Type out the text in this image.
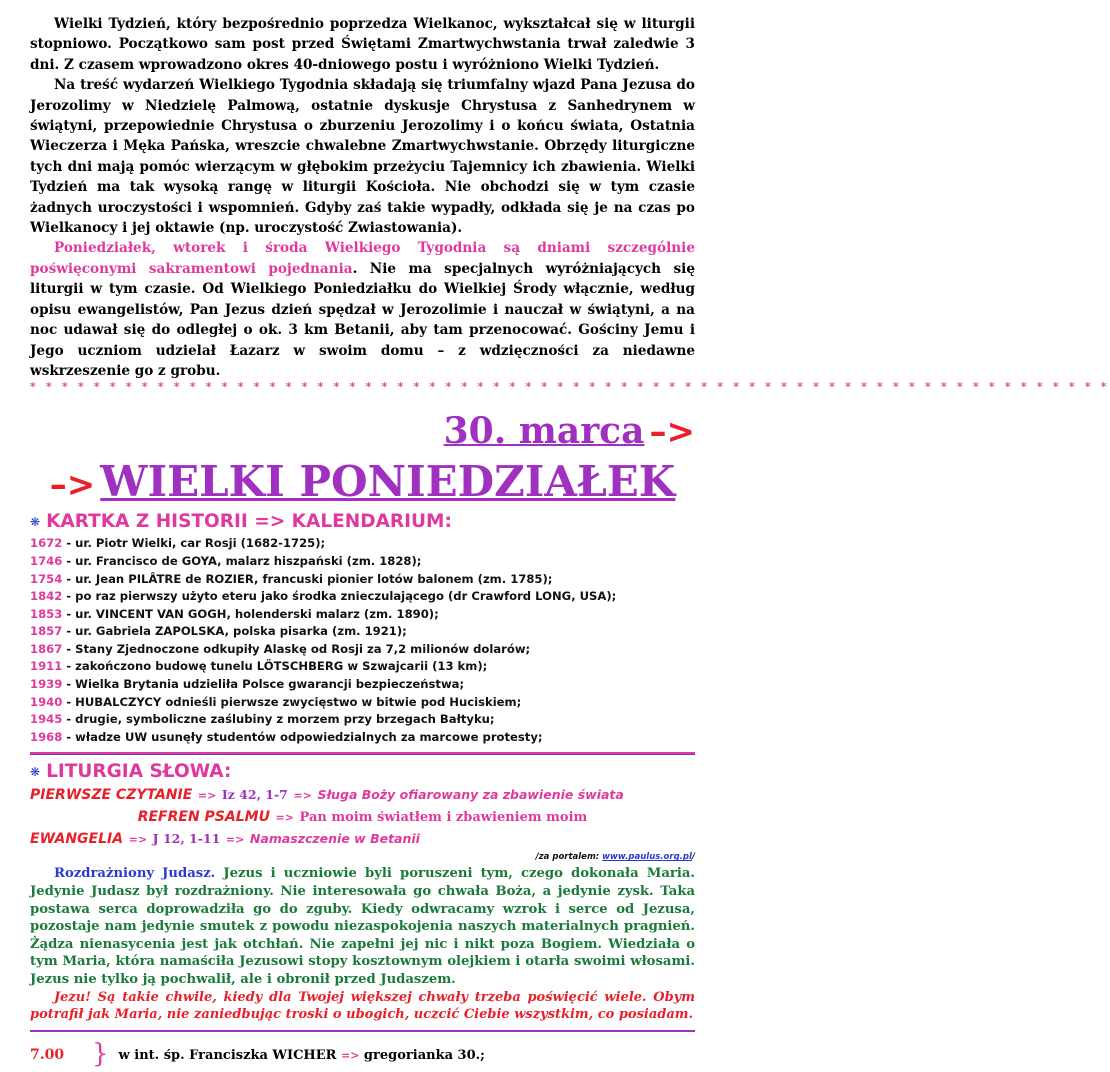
Wielki Tydzień, który bezpośrednio poprzedza Wielkanoc, wykształcał się w liturgii stopniowo. Początkowo sam post przed Świętami Zmartwychwstania trwał zaledwie 3 dni. Z czasem wprowadzono okres 40-dniowego postu i wyróżniono Wielki Tydzień.

Na treść wydarzeń Wielkiego Tygodnia składają się triumfalny wjazd Pana Jezusa do Jerozolimy w Niedzielę Palmową, ostatnie dyskusje Chrystusa z Sanhedrynem w świątyni, przepowiednie Chrystusa o zburzeniu Jerozolimy i o końcu świata, Ostatnia Wieczerza i Męka Pańska, wreszcie chwalebne Zmartwychwstanie. Obrzędy liturgiczne tych dni mają pomóc wierzącym w głębokim przeżyciu Tajemnicy ich zbawienia. Wielki Tydzień ma tak wysoką rangę w liturgii Kościoła. Nie obchodzi się w tym czasie żadnych uroczystości i wspomnień. Gdyby zaś takie wypadły, odkłada się je na czas po Wielkanocy i jej oktawie (np. uroczystość Zwiastowania).

Poniedziałek, wtorek i środa Wielkiego Tygodnia są dniami szczególnie poświęconymi sakramentowi pojednania. Nie ma specjalnych wyróżniających się liturgii w tym czasie. Od Wielkiego Poniedziałku do Wielkiej Środy włącznie, według opisu ewangelistów, Pan Jezus dzień spędzał w Jerozolimie i nauczał w świątyni, a na noc udawał się do odległej o ok. 3 km Betanii, aby tam przenocować. Gościny Jemu i Jego uczniom udzielał Łazarz w swoim domu – z wdzięczności za niedawne wskrzeszenie go z grobu.

* * * * * * * * * * * * * * * * * * * * * * * * * * * * * * * * * * * * * * * * * * * * * * * * * * * * * * * * * * * * * * * * * * * *
30. marca –>
–> WIELKI PONIEDZIAŁEK
❋ KARTKA Z HISTORII => KALENDARIUM:
1672 - ur. Piotr Wielki, car Rosji (1682-1725);
1746 - ur. Francisco de GOYA, malarz hiszpański (zm. 1828);
1754 - ur. Jean PILÂTRE de ROZIER, francuski pionier lotów balonem (zm. 1785);
1842 - po raz pierwszy użyto eteru jako środka znieczulającego (dr Crawford LONG, USA);
1853 - ur. VINCENT VAN GOGH, holenderski malarz (zm. 1890);
1857 - ur. Gabriela ZAPOLSKA, polska pisarka (zm. 1921);
1867 - Stany Zjednoczone odkupiły Alaskę od Rosji za 7,2 milionów dolarów;
1911 - zakończono budowę tunelu LÖTSCHBERG w Szwajcarii (13 km);
1939 - Wielka Brytania udzieliła Polsce gwarancji bezpieczeństwa;
1940 - HUBALCZYCY odnieśli pierwsze zwycięstwo w bitwie pod Huciskiem;
1945 - drugie, symboliczne zaślubiny z morzem przy brzegach Bałtyku;
1968 - władze UW usunęły studentów odpowiedzialnych za marcowe protesty;
❋ LITURGIA SŁOWA:
PIERWSZE CZYTANIE => Iz 42, 1-7 => Sługa Boży ofiarowany za zbawienie świata
REFREN PSALMU => Pan moim światłem i zbawieniem moim
EWANGELIA => J 12, 1-11 => Namaszczenie w Betanii
/za portalem: www.paulus.org.pl/

Rozdrażniony Judasz. Jezus i uczniowie byli poruszeni tym, czego dokonała Maria. Jedynie Judasz był rozdrażniony. Nie interesowała go chwała Boża, a jedynie zysk. Taka postawa serca doprowadziła go do zguby. Kiedy odwracamy wzrok i serce od Jezusa, pozostaje nam jedynie smutek z powodu niezaspokojenia naszych materialnych pragnień. Żądza nienasycenia jest jak otchłań. Nie zapełni jej nic i nikt poza Bogiem. Wiedziała o tym Maria, która namaściła Jezusowi stopy kosztownym olejkiem i otarła swoimi włosami. Jezus nie tylko ją pochwalił, ale i obronił przed Judaszem.

Jezu! Są takie chwile, kiedy dla Twojej większej chwały trzeba poświęcić wiele. Obym potrafił jak Maria, nie zaniedbując troski o ubogich, uczcić Ciebie wszystkim, co posiadam.

7.00 } w int. śp. Franciszka WICHER => gregorianka 30.;
